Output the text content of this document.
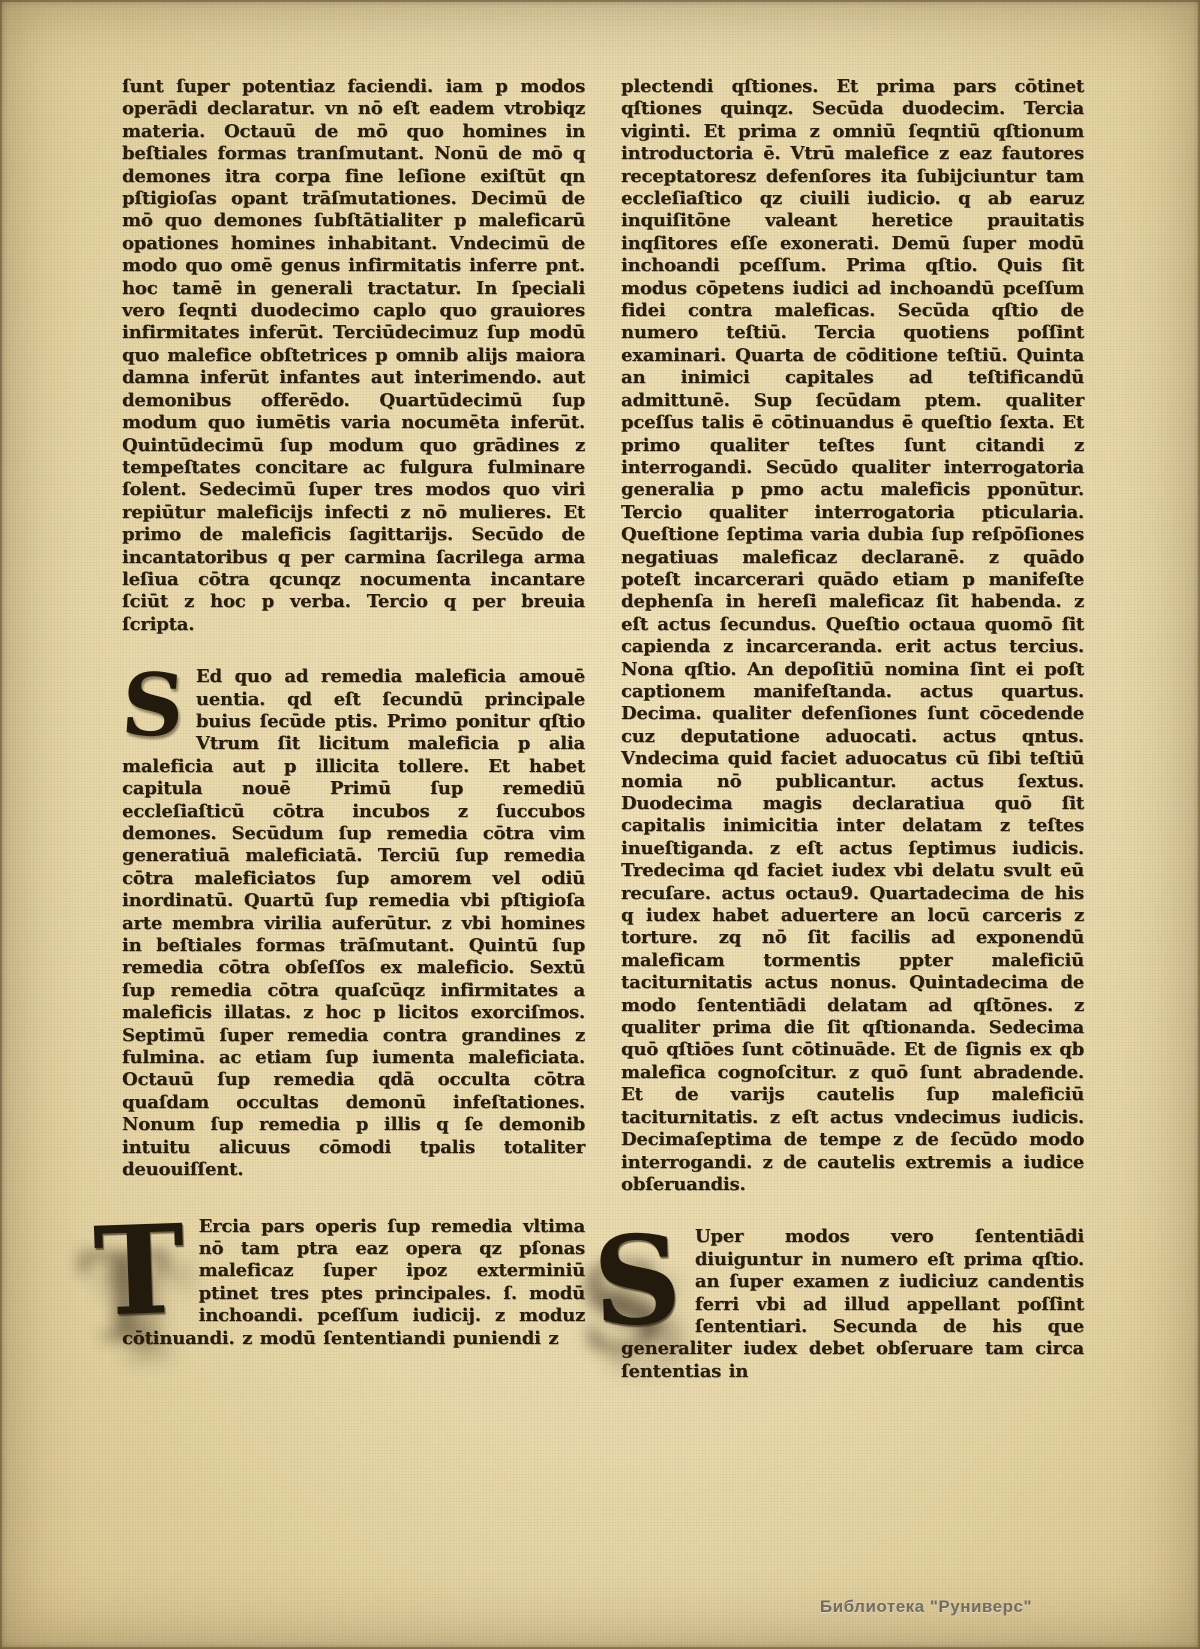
ſunt ſuper potentiaz faciendi. iam p modos operādi declaratur. vn nō eſt eadem vtrobiqz materia. Octauū de mō quo homines in beſtiales formas tranſmutant. Nonū de mō q demones itra corpa fine leſione exiſtūt qn pſtigioſas opant trāſmutationes. Decimū de mō quo demones ſubſtātialiter p maleficarū opationes homines inhabitant. Vndecimū de modo quo omē genus infirmitatis inferre pnt. hoc tamē in generali tractatur. In ſpeciali vero ſeqnti duodecimo caplo quo grauiores infirmitates inferūt. Terciūdecimuz ſup modū quo malefice obſtetrices p omnib alijs maiora damna inferūt infantes aut interimendo. aut demonibus offerēdo. Quartūdecimū ſup modum quo iumētis varia nocumēta inferūt. Quintūdecimū ſup modum quo grādines z tempeſtates concitare ac fulgura fulminare ſolent. Sedecimū ſuper tres modos quo viri repiūtur maleficijs infecti z nō mulieres. Et primo de maleficis ſagittarijs. Secūdo de incantatoribus q per carmina ſacrilega arma leſiua cōtra qcunqz nocumenta incantare ſciūt z hoc p verba. Tercio q per breuia ſcripta.

S Ed quo ad remedia maleficia amouē uentia. qd eſt ſecundū principale buius ſecūde ptis. Primo ponitur qſtio Vtrum ſit licitum maleficia p alia maleficia aut p illicita tollere. Et habet capitula nouē Primū ſup remediū eccleſiaſticū cōtra incubos z ſuccubos demones. Secūdum ſup remedia cōtra vim generatiuā maleficiatā. Terciū ſup remedia cōtra maleficiatos ſup amorem vel odiū inordinatū. Quartū ſup remedia vbi pſtigioſa arte membra virilia auferūtur. z vbi homines in beſtiales formas trāſmutant. Quintū ſup remedia cōtra obſeſſos ex maleficio. Sextū ſup remedia cōtra quaſcūqz infirmitates a maleficis illatas. z hoc p licitos exorciſmos. Septimū ſuper remedia contra grandines z fulmina. ac etiam ſup iumenta maleficiata. Octauū ſup remedia qdā occulta cōtra quaſdam occultas demonū infeſtationes. Nonum ſup remedia p illis q ſe demonib intuitu alicuus cōmodi tpalis totaliter deuouiſſent.

T Ercia pars operis ſup remedia vltima nō tam ptra eaz opera qz pſonas maleficaz ſuper ipoz exterminiū ptinet tres ptes principales. ſ. modū inchoandi. pceſſum iudicij. z moduz cōtinuandi. z modū ſententiandi puniendi z

plectendi qſtiones. Et prima pars cōtinet qſtiones quinqz. Secūda duodecim. Tercia viginti. Et prima z omniū ſeqntiū qſtionum introductoria ē. Vtrū malefice z eaz fautores receptatoresz defenſores ita ſubijciuntur tam eccleſiaſtico qz ciuili iudicio. q ab earuz inquiſitōne valeant heretice prauitatis inqſitores eſſe exonerati. Demū ſuper modū inchoandi pceſſum. Prima qſtio. Quis ſit modus cōpetens iudici ad inchoandū pceſſum fidei contra maleficas. Secūda qſtio de numero teſtiū. Tercia quotiens poſſint examinari. Quarta de cōditione teſtiū. Quinta an inimici capitales ad teſtificandū admittunē. Sup ſecūdam ptem. qualiter pceſſus talis ē cōtinuandus ē queſtio ſexta. Et primo qualiter teſtes ſunt citandi z interrogandi. Secūdo qualiter interrogatoria generalia p pmo actu maleficis pponūtur. Tercio qualiter interrogatoria pticularia. Queſtione ſeptima varia dubia ſup reſpōſiones negatiuas maleficaz declaranē. z quādo poteſt incarcerari quādo etiam p manifeſte dephenſa in hereſi maleficaz ſit habenda. z eſt actus ſecundus. Queſtio octaua quomō ſit capienda z incarceranda. erit actus tercius. Nona qſtio. An depoſitiū nomina ſint ei poſt captionem manifeſtanda. actus quartus. Decima. qualiter defenſiones ſunt cōcedende cuz deputatione aduocati. actus qntus. Vndecima quid faciet aduocatus cū ſibi teſtiū nomia nō publicantur. actus ſextus. Duodecima magis declaratiua quō ſit capitalis inimicitia inter delatam z teſtes inueſtiganda. z eſt actus ſeptimus iudicis. Tredecima qd faciet iudex vbi delatu svult eū recuſare. actus octau9. Quartadecima de his q iudex habet aduertere an locū carceris z torture. zq nō ſit facilis ad exponendū maleficam tormentis ppter maleficiū taciturnitatis actus nonus. Quintadecima de modo ſententiādi delatam ad qſtōnes. z qualiter prima die ſit qſtionanda. Sedecima quō qſtiōes ſunt cōtinuāde. Et de ſignis ex qb malefica cognoſcitur. z quō ſunt abradende. Et de varijs cautelis ſup maleficiū taciturnitatis. z eſt actus vndecimus iudicis. Decimaſeptima de tempe z de ſecūdo modo interrogandi. z de cautelis extremis a iudice obſeruandis.

S Uper modos vero ſententiādi diuiguntur in numero eſt prima qſtio. an ſuper examen z iudiciuz candentis ferri vbi ad illud appellant poſſint ſententiari. Secunda de his que generaliter iudex debet obſeruare tam circa ſententias in

Библиотека "Руниверс"
